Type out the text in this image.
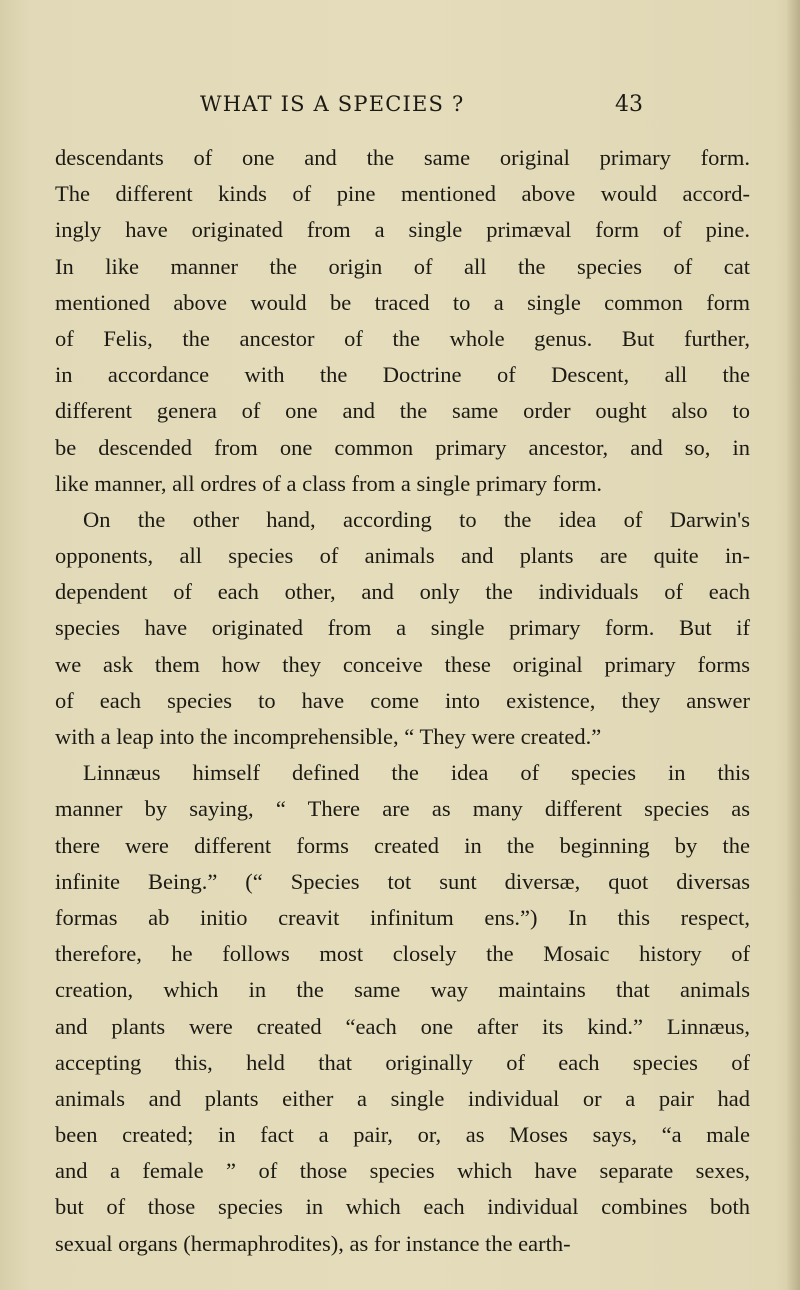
WHAT IS A SPECIES ?	43
descendants of one and the same original primary form.
The different kinds of pine mentioned above would accord-
ingly have originated from a single primæval form of pine.
In like manner the origin of all the species of cat
mentioned above would be traced to a single common form
of Felis, the ancestor of the whole genus. But further,
in accordance with the Doctrine of Descent, all the
different genera of one and the same order ought also to
be descended from one common primary ancestor, and so, in
like manner, all ordres of a class from a single primary form.
On the other hand, according to the idea of Darwin's
opponents, all species of animals and plants are quite in-
dependent of each other, and only the individuals of each
species have originated from a single primary form. But if
we ask them how they conceive these original primary forms
of each species to have come into existence, they answer
with a leap into the incomprehensible, “ They were created.”
Linnæus himself defined the idea of species in this
manner by saying, “ There are as many different species as
there were different forms created in the beginning by the
infinite Being.” (“ Species tot sunt diversæ, quot diversas
formas ab initio creavit infinitum ens.”) In this respect,
therefore, he follows most closely the Mosaic history of
creation, which in the same way maintains that animals
and plants were created “each one after its kind.” Linnæus,
accepting this, held that originally of each species of
animals and plants either a single individual or a pair had
been created; in fact a pair, or, as Moses says, “a male
and a female ” of those species which have separate sexes,
but of those species in which each individual combines both
sexual organs (hermaphrodites), as for instance the earth-
